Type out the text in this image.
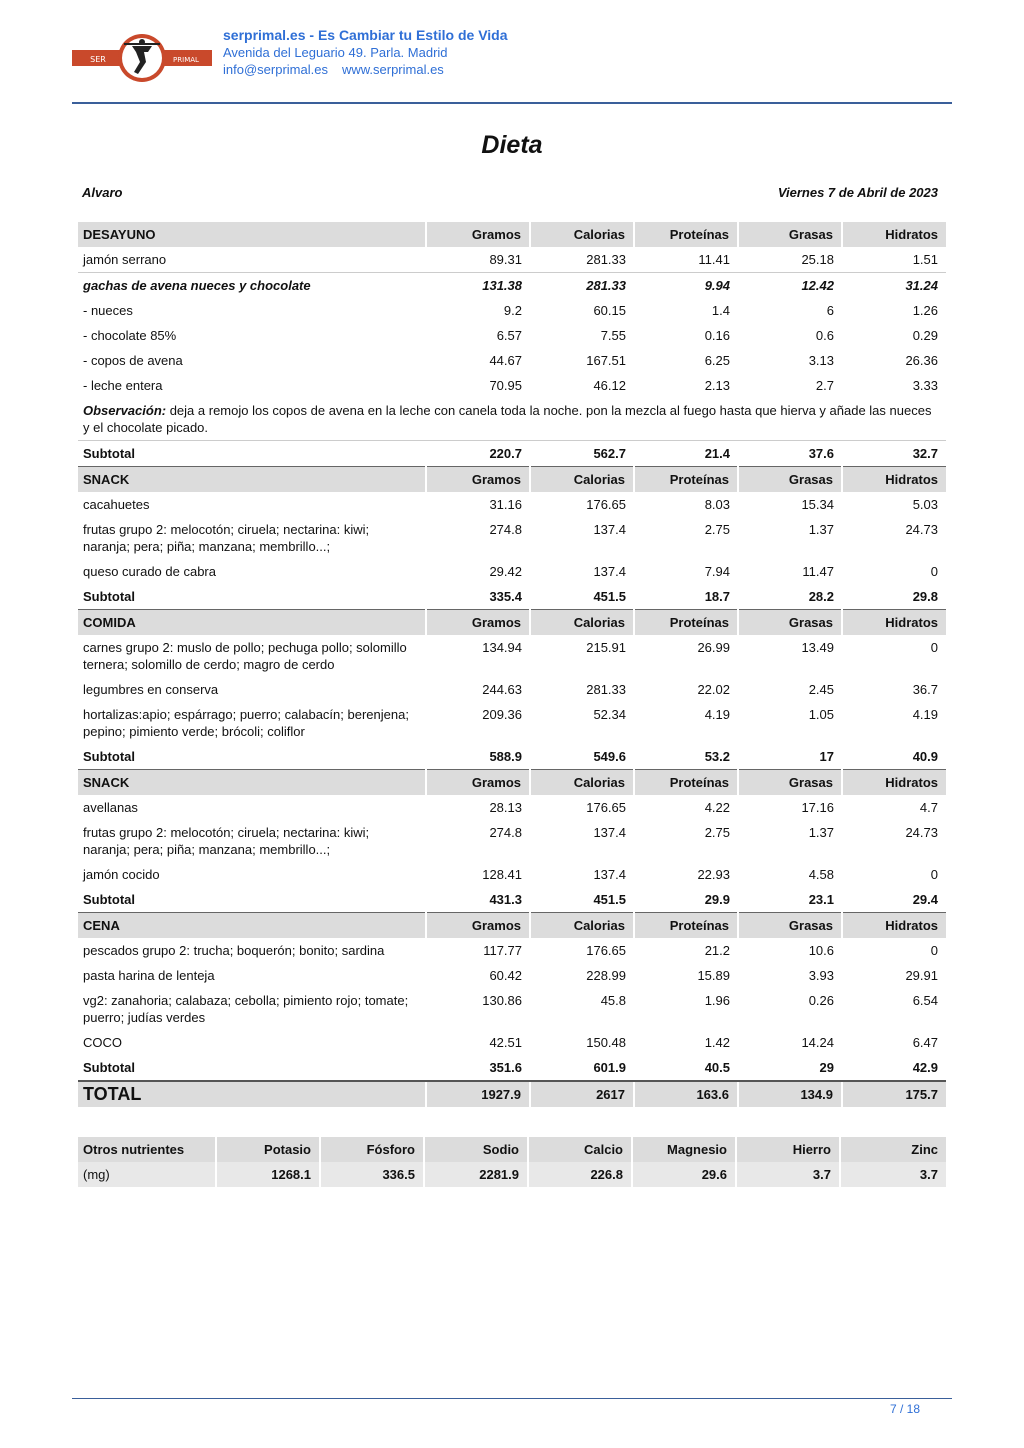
SER	PRIMAL
serprimal.es - Es Cambiar tu Estilo de Vida
Avenida del Leguario 49. Parla. Madrid
info@serprimal.es www.serprimal.es
Dieta
Alvaro	Viernes 7 de Abril de 2023
DESAYUNO	Gramos	Calorias	Proteínas	Grasas	Hidratos
jamón serrano	89.31	281.33	11.41	25.18	1.51
gachas de avena nueces y chocolate	131.38	281.33	9.94	12.42	31.24
- nueces	9.2	60.15	1.4	6	1.26
- chocolate 85%	6.57	7.55	0.16	0.6	0.29
- copos de avena	44.67	167.51	6.25	3.13	26.36
- leche entera	70.95	46.12	2.13	2.7	3.33
Observación: deja a remojo los copos de avena en la leche con canela toda la noche. pon la mezcla al fuego hasta que hierva y añade las nueces y el chocolate picado.					
Subtotal	220.7	562.7	21.4	37.6	32.7
SNACK	Gramos	Calorias	Proteínas	Grasas	Hidratos
cacahuetes	31.16	176.65	8.03	15.34	5.03
frutas grupo 2: melocotón; ciruela; nectarina: kiwi; naranja; pera; piña; manzana; membrillo...;	274.8	137.4	2.75	1.37	24.73
queso curado de cabra	29.42	137.4	7.94	11.47	0
Subtotal	335.4	451.5	18.7	28.2	29.8
COMIDA	Gramos	Calorias	Proteínas	Grasas	Hidratos
carnes grupo 2: muslo de pollo; pechuga pollo; solomillo ternera; solomillo de cerdo; magro de cerdo	134.94	215.91	26.99	13.49	0
legumbres en conserva	244.63	281.33	22.02	2.45	36.7
hortalizas:apio; espárrago; puerro; calabacín; berenjena; pepino; pimiento verde; brócoli; coliflor	209.36	52.34	4.19	1.05	4.19
Subtotal	588.9	549.6	53.2	17	40.9
SNACK	Gramos	Calorias	Proteínas	Grasas	Hidratos
avellanas	28.13	176.65	4.22	17.16	4.7
frutas grupo 2: melocotón; ciruela; nectarina: kiwi; naranja; pera; piña; manzana; membrillo...;	274.8	137.4	2.75	1.37	24.73
jamón cocido	128.41	137.4	22.93	4.58	0
Subtotal	431.3	451.5	29.9	23.1	29.4
CENA	Gramos	Calorias	Proteínas	Grasas	Hidratos
pescados grupo 2: trucha; boquerón; bonito; sardina	117.77	176.65	21.2	10.6	0
pasta harina de lenteja	60.42	228.99	15.89	3.93	29.91
vg2: zanahoria; calabaza; cebolla; pimiento rojo; tomate; puerro; judías verdes	130.86	45.8	1.96	0.26	6.54
COCO	42.51	150.48	1.42	14.24	6.47
Subtotal	351.6	601.9	40.5	29	42.9
TOTAL	1927.9	2617	163.6	134.9	175.7
Otros nutrientes	Potasio	Fósforo	Sodio	Calcio	Magnesio	Hierro	Zinc
(mg)	1268.1	336.5	2281.9	226.8	29.6	3.7	3.7
7 / 18
